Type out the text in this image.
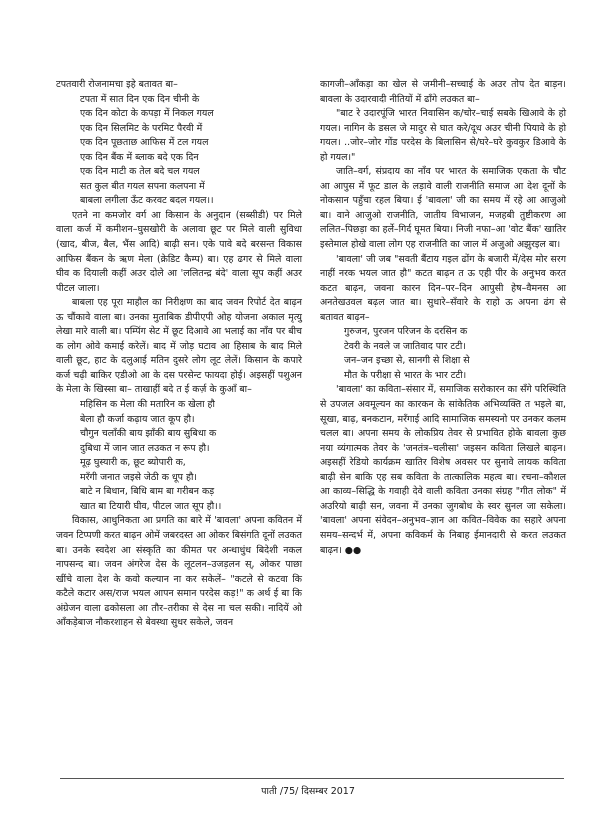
टपतवारी रोजनामचा इहे बतावत बा–

टपता में सात दिन एक दिन चीनी के

एक दिन कोटा के कपड़ा में निकल गयल

एक दिन सिलमिट के परमिट पैरवी में

एक दिन पूछताछ आफिस में टल गयल

एक दिन बैंक में ब्लाक बदे एक दिन

एक दिन माटी क तेल बदे चल गयल

सत कुल बीत गयल सपना कलपना में

बाबला लगीला ऊँट करवट बदल गयल।।

एतने ना कमजोर वर्ग आ किसान के अनुदान (सब्सीडी) पर मिले वाला कर्ज में कमीशन–घुसखोरी के अलावा छूट पर मिले वाली सुविधा (खाद, बीज, बैल, भैंस आदि) बाढ़ी सन। एके पावे बदे बरसन्त विकास आफिस बैंकन के ऋण मेला (क्रेडिट कैम्प) बा। एह ढगर से मिले वाला घीव क दियाली कहीं अउर दोले आ 'ललितन्द्र बंदे' वाला सूप कहीं अउर पीटल जाला।

बाबला एह पूरा माहौल का निरीक्षण का बाद जवन रिपोर्ट देत बाढ़न ऊ चौंकावे वाला बा। उनका मुताबिक डीपीएपी ओह योजना अकाल मृत्यु लेखा मारे वाली बा। पम्पिंग सेट में छूट दिआवे आ भलाई का नाँव पर बीच क लोग ओवे कमाई करेलें। बाद में जोड़ घटाव आ हिसाब के बाद मिले वाली छूट, हाट के दलुआई मतिन दुसरे लोग लूट लेलें। किसान के कपारे कर्ज चढ़ी बाकिर एडीओ आ के दस परसेन्ट फायदा होई। अइसहीं पशुअन के मेला के खिस्सा बा– ताखाहीं बदे त ई कर्ज़ के कुआँ बा–

महिसिन क मेला की मतारिन क खेला हौ

बेला हौ कर्जा कढ़ाय जात कूप हौ।

चौगुन चलाँकी बाय झाँकी बाय सुबिधा क

दुबिधा में जान जात लउकत न रूप हौ।

मूढ़ घुस्यारी क, छूट ब्योपारी क,

मरँगी जनात जइसे जेठी क धूप हौ।

बाटे न बिधान, बिधि बाम बा गरीबन कड़

खात बा टियारी घीव, पीटल जात सूप हौ।।

विकास, आधुनिकता आ प्रगति का बारे में 'बावला' अपना कवितन में जवन टिप्पणी करत बाढ़न ओमें जबरदस्त आ ओकर बिसंगति दूनों लउकत बा। उनके स्वदेश आ संस्कृति का कीमत पर अन्धाधुंध बिदेशी नकल नापसन्द बा। जवन अंगरेज देस के लूटलन–उजड़लन स्, ओकर पाछा खींचे वाला देश के कवो कल्यान ना कर सकेलें– "कटले से कटवा कि कटैले कटार अस/राज भयल आपन समान परदेस कड़!" क अर्थ ई बा कि अंग्रेजन वाला ढकोसला आ तौर–तरीका से देस ना चल सकी। नादियें ओ आँकड़ेबाज नौकरशाहन से बेवस्था सुधर सकेले, जवन

कागजी–आँकड़ा का खेल से जमीनी–सच्चाई के अउर तोप देत बाड़न। बावला के उदारवादी नीतियों में ढाँगे लउकत बा–

"बाट रे उदारपूंजि भारत निवासिन क/चोर–चाई सबके खिआवे के हो गयल। नागिन के डसल जे मादुर से घात करे/दूध अउर चीनी पियावे के हो गयल। ..जोर–जोर गोंड परदेस के बिलासिन से/घरे–घरे कुवकुर डिआवे के हो गयल।"

जाति–वर्ग, संप्रदाय का नाँव पर भारत के समाजिक एकता के चौट आ आपुस में फूट डाल के लड़ावे वाली राजनीति समाज आ देश दूनों के नोकसान पहुँचा रहल बिया। ई 'बावला' जी का समय में रहे आ आजुओ बा। वाने आजुओ राजनीति, जातीय विभाजन, मजहबी तुष्टीकरण आ ललित–पिछड़ा का हर्ले–गिर्द घूमत बिया। निजी नफा–आ 'वोट बैंक' खातिर इस्तेमाल होखे वाला लोग एह राजनीति का जाल में अजुओ अझुरइल बा।

'बावला' जी जब "सवती बैंटाय गइल ढोंग के बजारी में/देस मोर सरग नाहीं नरक भयल जात हौ" कटत बाढ़न त ऊ एही पीर के अनुभव करत कटत बाढ़न, जवना कारन दिन–पर–दिन आपुसी हेष–वैमनस आ अनतेखउवल बढ़ल जात बा। सुधारे–सँवारे के राहो ऊ अपना ढंग से बतावत बाढ़न–

गुरुजन, पुरजन परिजन के दरसिन क

टेवरी के नवले ज जातिवाद पार टटी।

जन–जन इच्छा से, सानगी से शिक्षा से

मौत के परीक्षा से भारत के भार टटी।

'बावला' का कविता–संसार में, समाजिक सरोकारन का सँगे परिस्थिति से उपजल अवमूल्यन का कारकन के सांकेतिक अभिव्यक्ति त भइले बा, सूखा, बाढ़, बनकटान, मरँगाई आदि सामाजिक समस्यनो पर उनकर कलम चलल बा। अपना समय के लोकप्रिय तेवर से प्रभावित होके बावला कुछ नया व्यंगात्मक तेवर के 'जनतंत्र–चलीसा' जइसन कविता लिखले बाढ़न। अइसहीं रेडियो कार्यक्रम खातिर विशेष अवसर पर सुनावे लायक कविता बाढ़ी सेन बाकि एह सब कविता के तात्कालिक महत्व बा। रचना–कौशल आ काव्य–सिद्धि के गवाही देवे वाली कविता उनका संग्रह "गीत लोक" में अउरियो बाढ़ी सन, जवना में उनका जुगबोध के स्वर सुनल जा सकेला। 'बावला' अपना संवेदन–अनुभव–ज्ञान आ कवित–विवेक का सहारे अपना समय–सन्दर्भ में, अपना कविकर्म के निबाह ईमानदारी से करत लउकत बाढ़न। ●●

पाती /75/ दिसम्बर 2017
